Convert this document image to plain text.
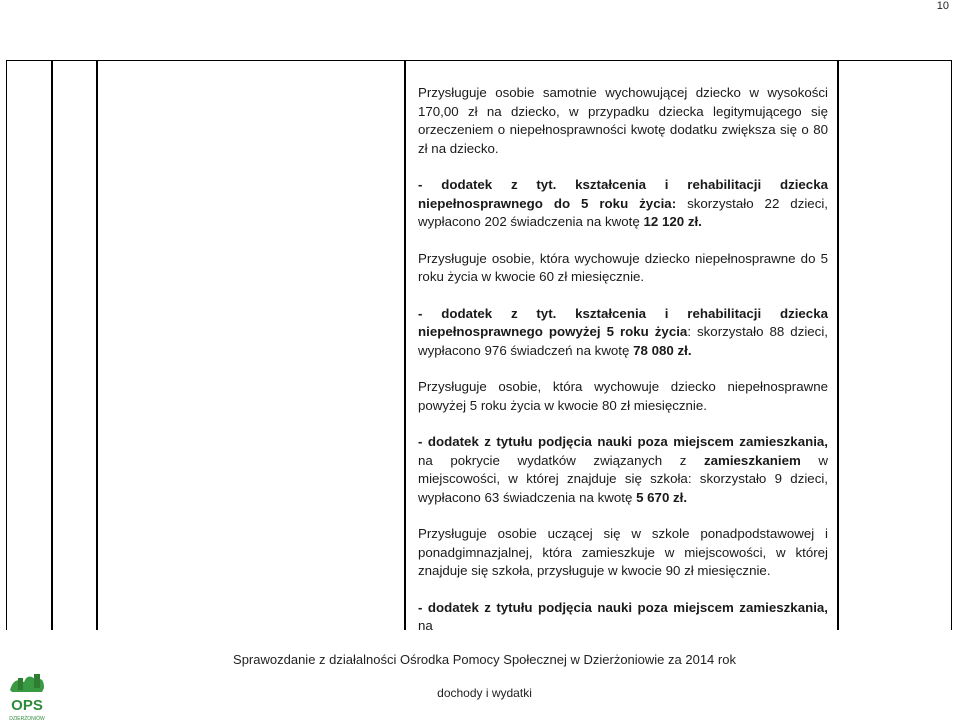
10

Przysługuje osobie samotnie wychowującej dziecko w wysokości 170,00 zł na dziecko, w przypadku dziecka legitymującego się orzeczeniem o niepełnosprawności kwotę dodatku zwiększa się o 80 zł na dziecko.

- dodatek z tyt. kształcenia i rehabilitacji dziecka niepełnosprawnego do 5 roku życia: skorzystało 22 dzieci, wypłacono 202 świadczenia na kwotę 12 120 zł.

Przysługuje osobie, która wychowuje dziecko niepełnosprawne do 5 roku życia w kwocie 60 zł miesięcznie.

- dodatek z tyt. kształcenia i rehabilitacji dziecka niepełnosprawnego powyżej 5 roku życia: skorzystało 88 dzieci, wypłacono 976 świadczeń na kwotę 78 080 zł.

Przysługuje osobie, która wychowuje dziecko niepełnosprawne powyżej 5 roku życia w kwocie 80 zł miesięcznie.

- dodatek z tytułu podjęcia nauki poza miejscem zamieszkania, na pokrycie wydatków związanych z zamieszkaniem w miejscowości, w której znajduje się szkoła: skorzystało 9 dzieci, wypłacono 63 świadczenia na kwotę 5 670 zł.

Przysługuje osobie uczącej się w szkole ponadpodstawowej i ponadgimnazjalnej, która zamieszkuje w miejscowości, w której znajduje się szkoła, przysługuje w kwocie 90 zł miesięcznie.

- dodatek z tytułu podjęcia nauki poza miejscem zamieszkania, na

Sprawozdanie z działalności Ośrodka Pomocy Społecznej w Dzierżoniowie za 2014 rok
dochody i wydatki
OPS
DZIERŻONIÓW
